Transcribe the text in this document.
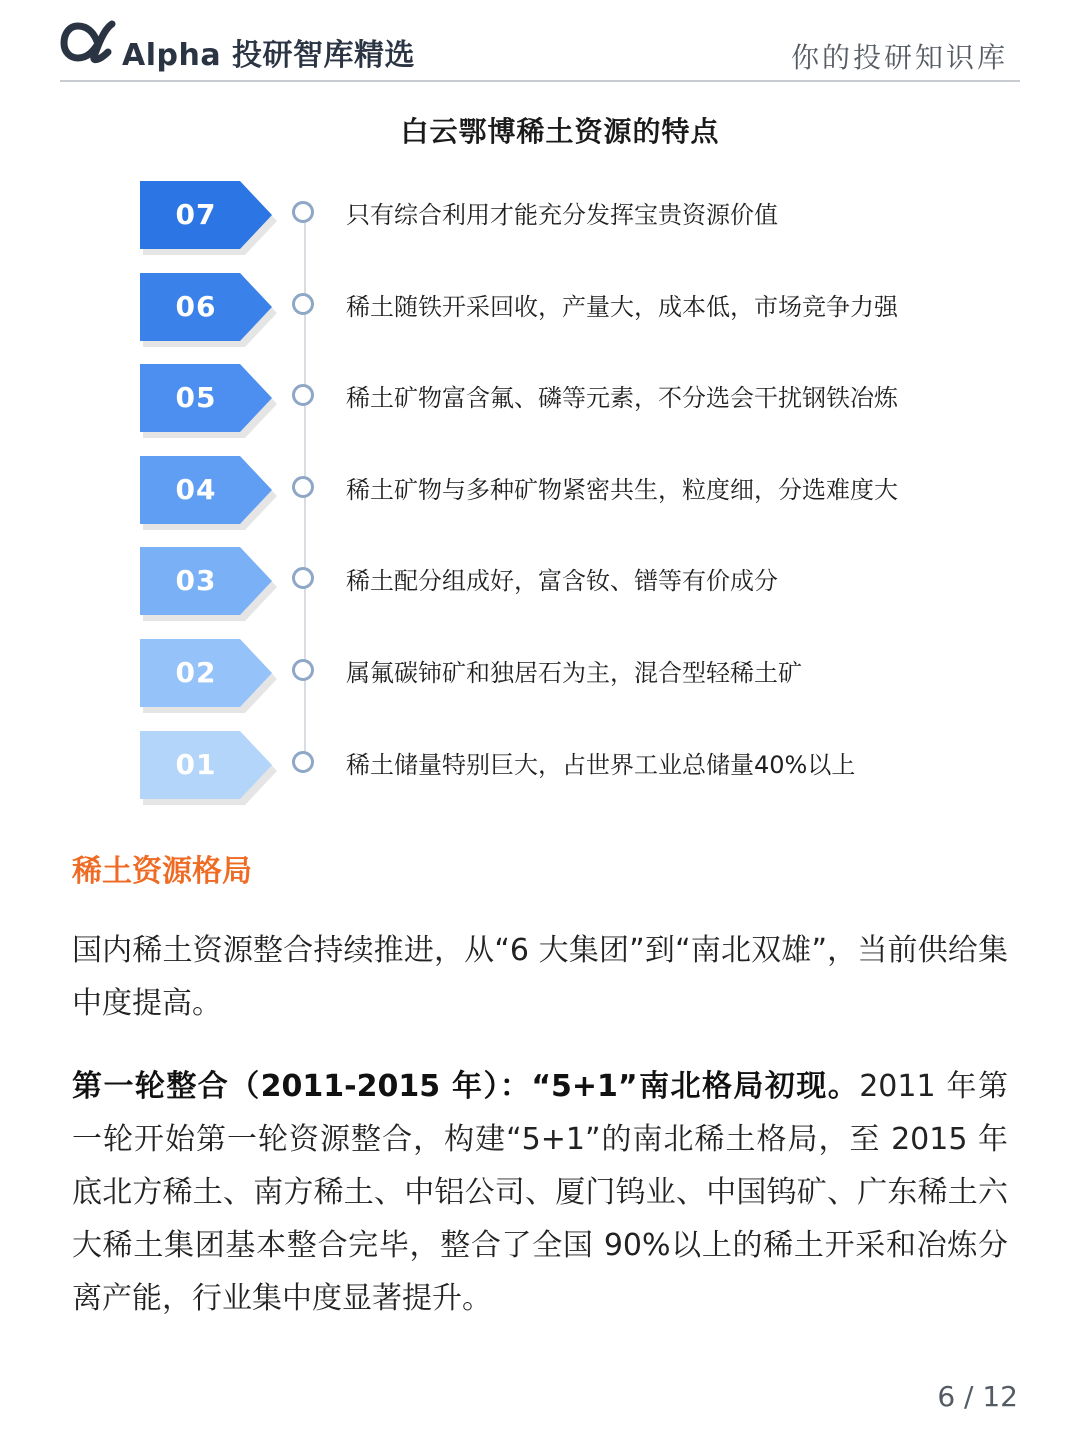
Alpha 投研智库精选	你的投研知识库
白云鄂博稀土资源的特点
07	只有综合利用才能充分发挥宝贵资源价值
06	稀土随铁开采回收，产量大，成本低，市场竞争力强
05	稀土矿物富含氟、磷等元素，不分选会干扰钢铁冶炼
04	稀土矿物与多种矿物紧密共生，粒度细，分选难度大
03	稀土配分组成好，富含钕、镨等有价成分
02	属氟碳铈矿和独居石为主，混合型轻稀土矿
01	稀土储量特别巨大，占世界工业总储量40%以上
稀土资源格局

国内稀土资源整合持续推进，从“6 大集团”到“南北双雄”，当前供给集中度提高。

第一轮整合（2011-2015 年）：“5+1”南北格局初现。2011 年第一轮开始第一轮资源整合，构建“5+1”的南北稀土格局，至 2015 年底北方稀土、南方稀土、中铝公司、厦门钨业、中国钨矿、广东稀土六大稀土集团基本整合完毕，整合了全国 90%以上的稀土开采和冶炼分离产能，行业集中度显著提升。

6 / 12
